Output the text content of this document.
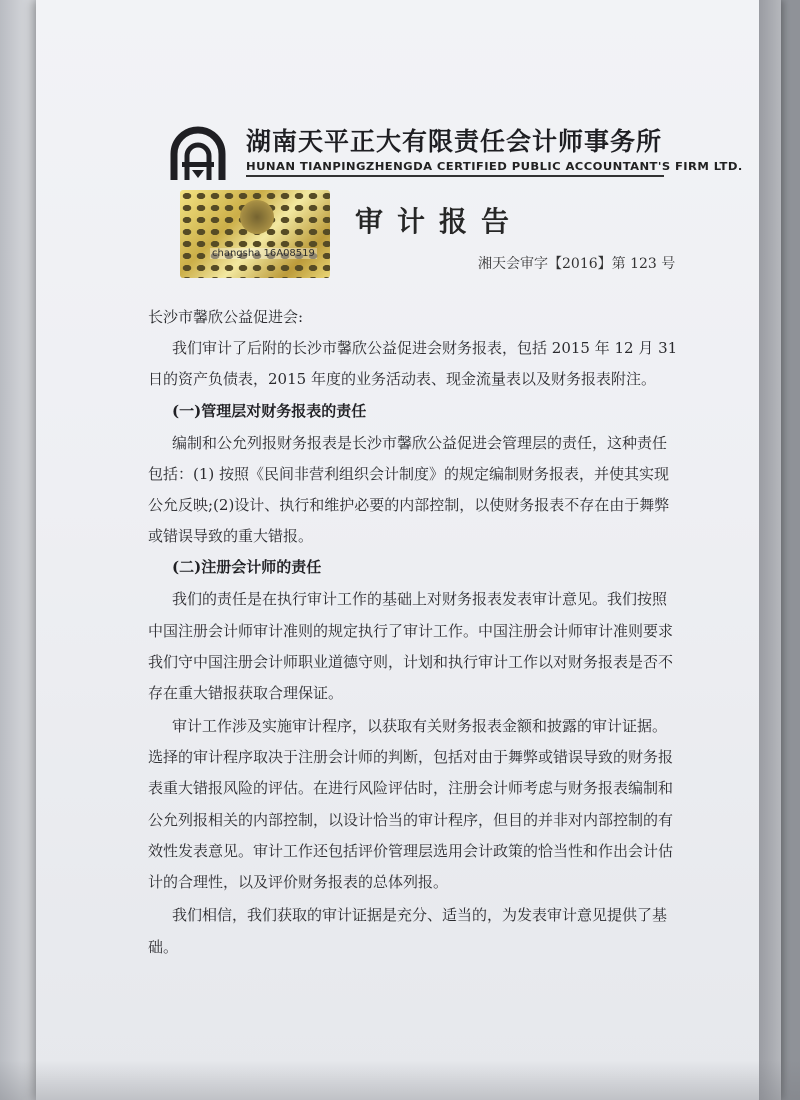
湖南天平正大有限责任会计师事务所
HUNAN TIANPINGZHENGDA CERTIFIED PUBLIC ACCOUNTANT'S FIRM LTD.
changsha 16A08519
审计报告
湘天会审字【2016】第 123 号
长沙市馨欣公益促进会:
我们审计了后附的长沙市馨欣公益促进会财务报表，包括 2015 年 12 月 31
日的资产负债表，2015 年度的业务活动表、现金流量表以及财务报表附注。
(一)管理层对财务报表的责任
编制和公允列报财务报表是长沙市馨欣公益促进会管理层的责任，这种责任
包括：(1) 按照《民间非营利组织会计制度》的规定编制财务报表，并使其实现
公允反映;(2)设计、执行和维护必要的内部控制，以使财务报表不存在由于舞弊
或错误导致的重大错报。
(二)注册会计师的责任
我们的责任是在执行审计工作的基础上对财务报表发表审计意见。我们按照
中国注册会计师审计准则的规定执行了审计工作。中国注册会计师审计准则要求
我们守中国注册会计师职业道德守则，计划和执行审计工作以对财务报表是否不
存在重大错报获取合理保证。
审计工作涉及实施审计程序，以获取有关财务报表金额和披露的审计证据。
选择的审计程序取决于注册会计师的判断，包括对由于舞弊或错误导致的财务报
表重大错报风险的评估。在进行风险评估时，注册会计师考虑与财务报表编制和
公允列报相关的内部控制，以设计恰当的审计程序，但目的并非对内部控制的有
效性发表意见。审计工作还包括评价管理层选用会计政策的恰当性和作出会计估
计的合理性，以及评价财务报表的总体列报。
我们相信，我们获取的审计证据是充分、适当的，为发表审计意见提供了基
础。
